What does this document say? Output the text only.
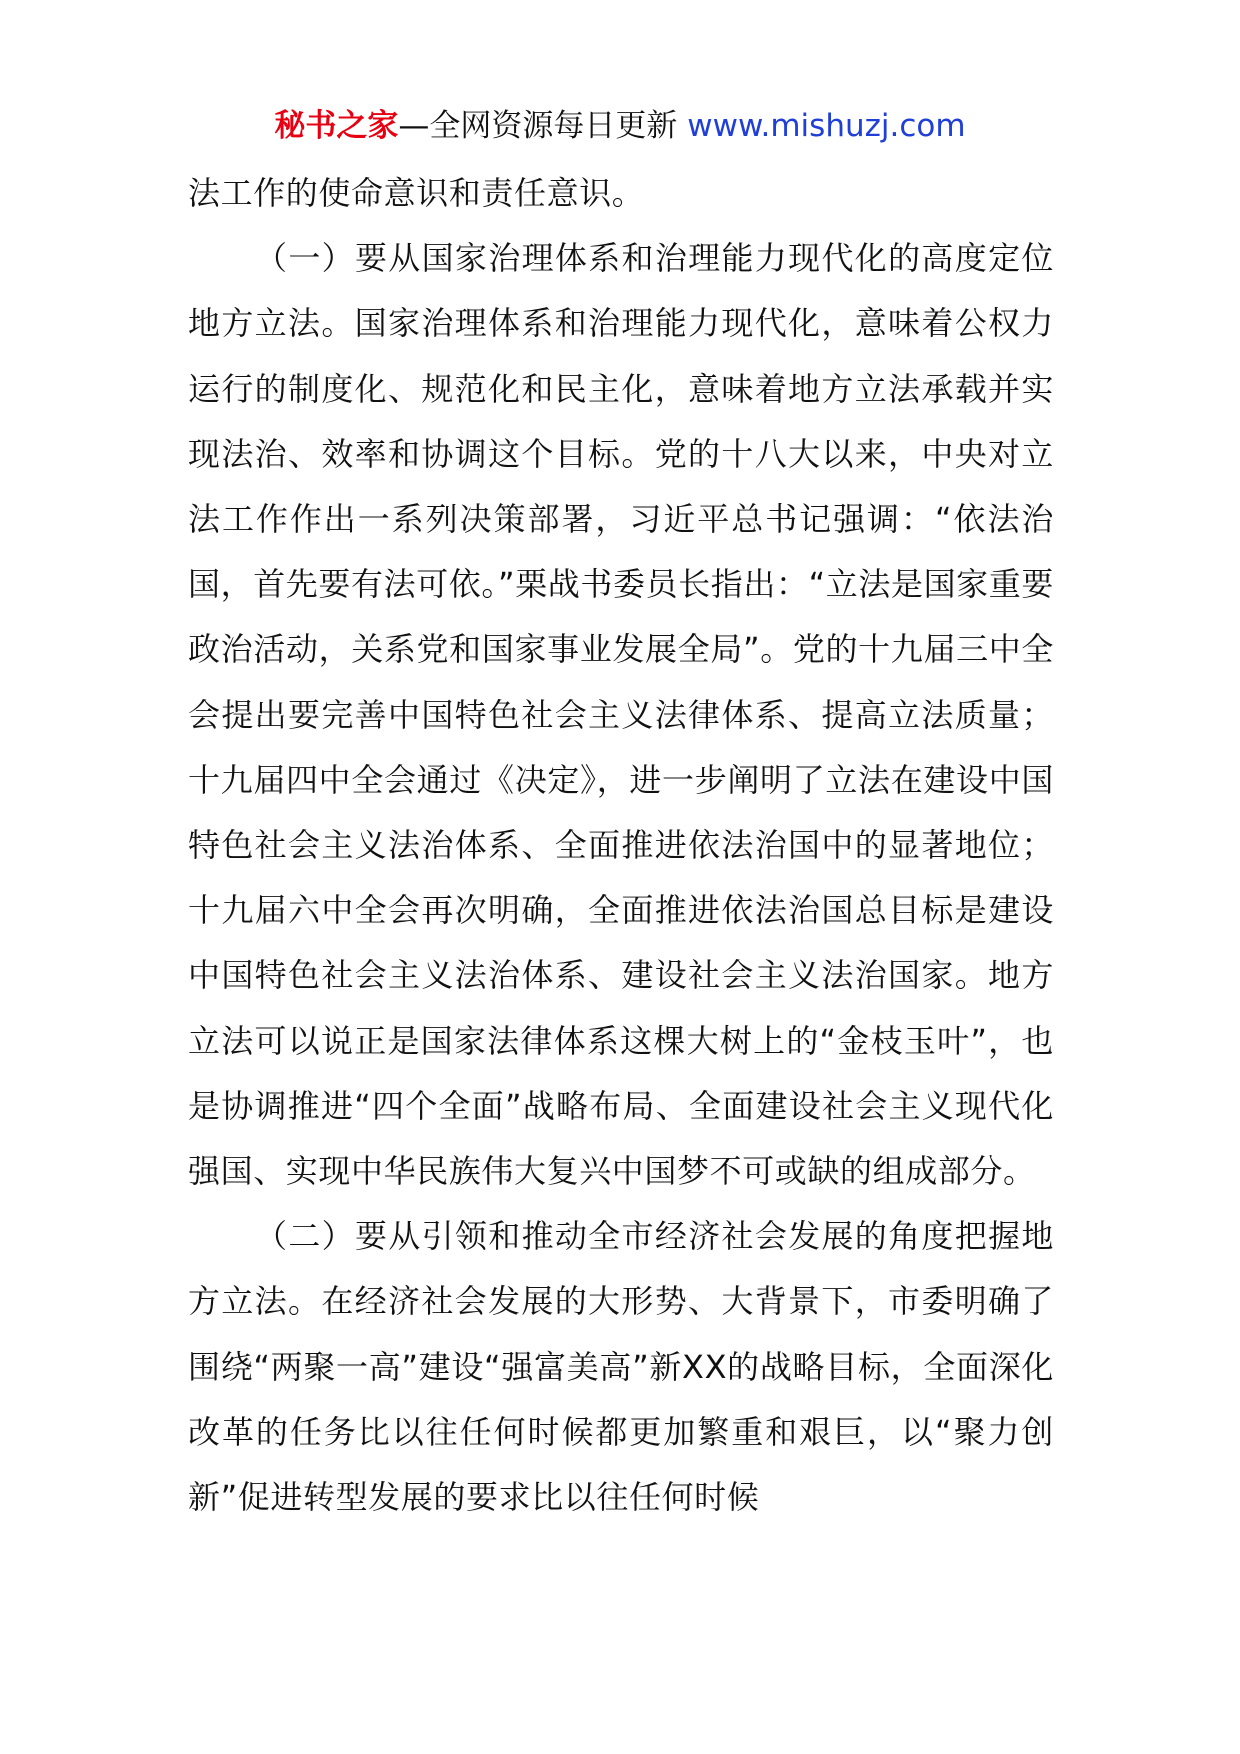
秘书之家—全网资源每日更新 www.mishuzj.com

法工作的使命意识和责任意识。

（一）要从国家治理体系和治理能力现代化的高度定位地方立法。国家治理体系和治理能力现代化，意味着公权力运行的制度化、规范化和民主化，意味着地方立法承载并实现法治、效率和协调这个目标。党的十八大以来，中央对立法工作作出一系列决策部署，习近平总书记强调：“依法治国，首先要有法可依。”栗战书委员长指出：“立法是国家重要政治活动，关系党和国家事业发展全局”。党的十九届三中全会提出要完善中国特色社会主义法律体系、提高立法质量；十九届四中全会通过《决定》，进一步阐明了立法在建设中国特色社会主义法治体系、全面推进依法治国中的显著地位；十九届六中全会再次明确，全面推进依法治国总目标是建设中国特色社会主义法治体系、建设社会主义法治国家。地方立法可以说正是国家法律体系这棵大树上的“金枝玉叶”，也是协调推进“四个全面”战略布局、全面建设社会主义现代化强国、实现中华民族伟大复兴中国梦不可或缺的组成部分。

（二）要从引领和推动全市经济社会发展的角度把握地方立法。在经济社会发展的大形势、大背景下，市委明确了围绕“两聚一高”建设“强富美高”新XX的战略目标，全面深化改革的任务比以往任何时候都更加繁重和艰巨，以“聚力创新”促进转型发展的要求比以往任何时候
